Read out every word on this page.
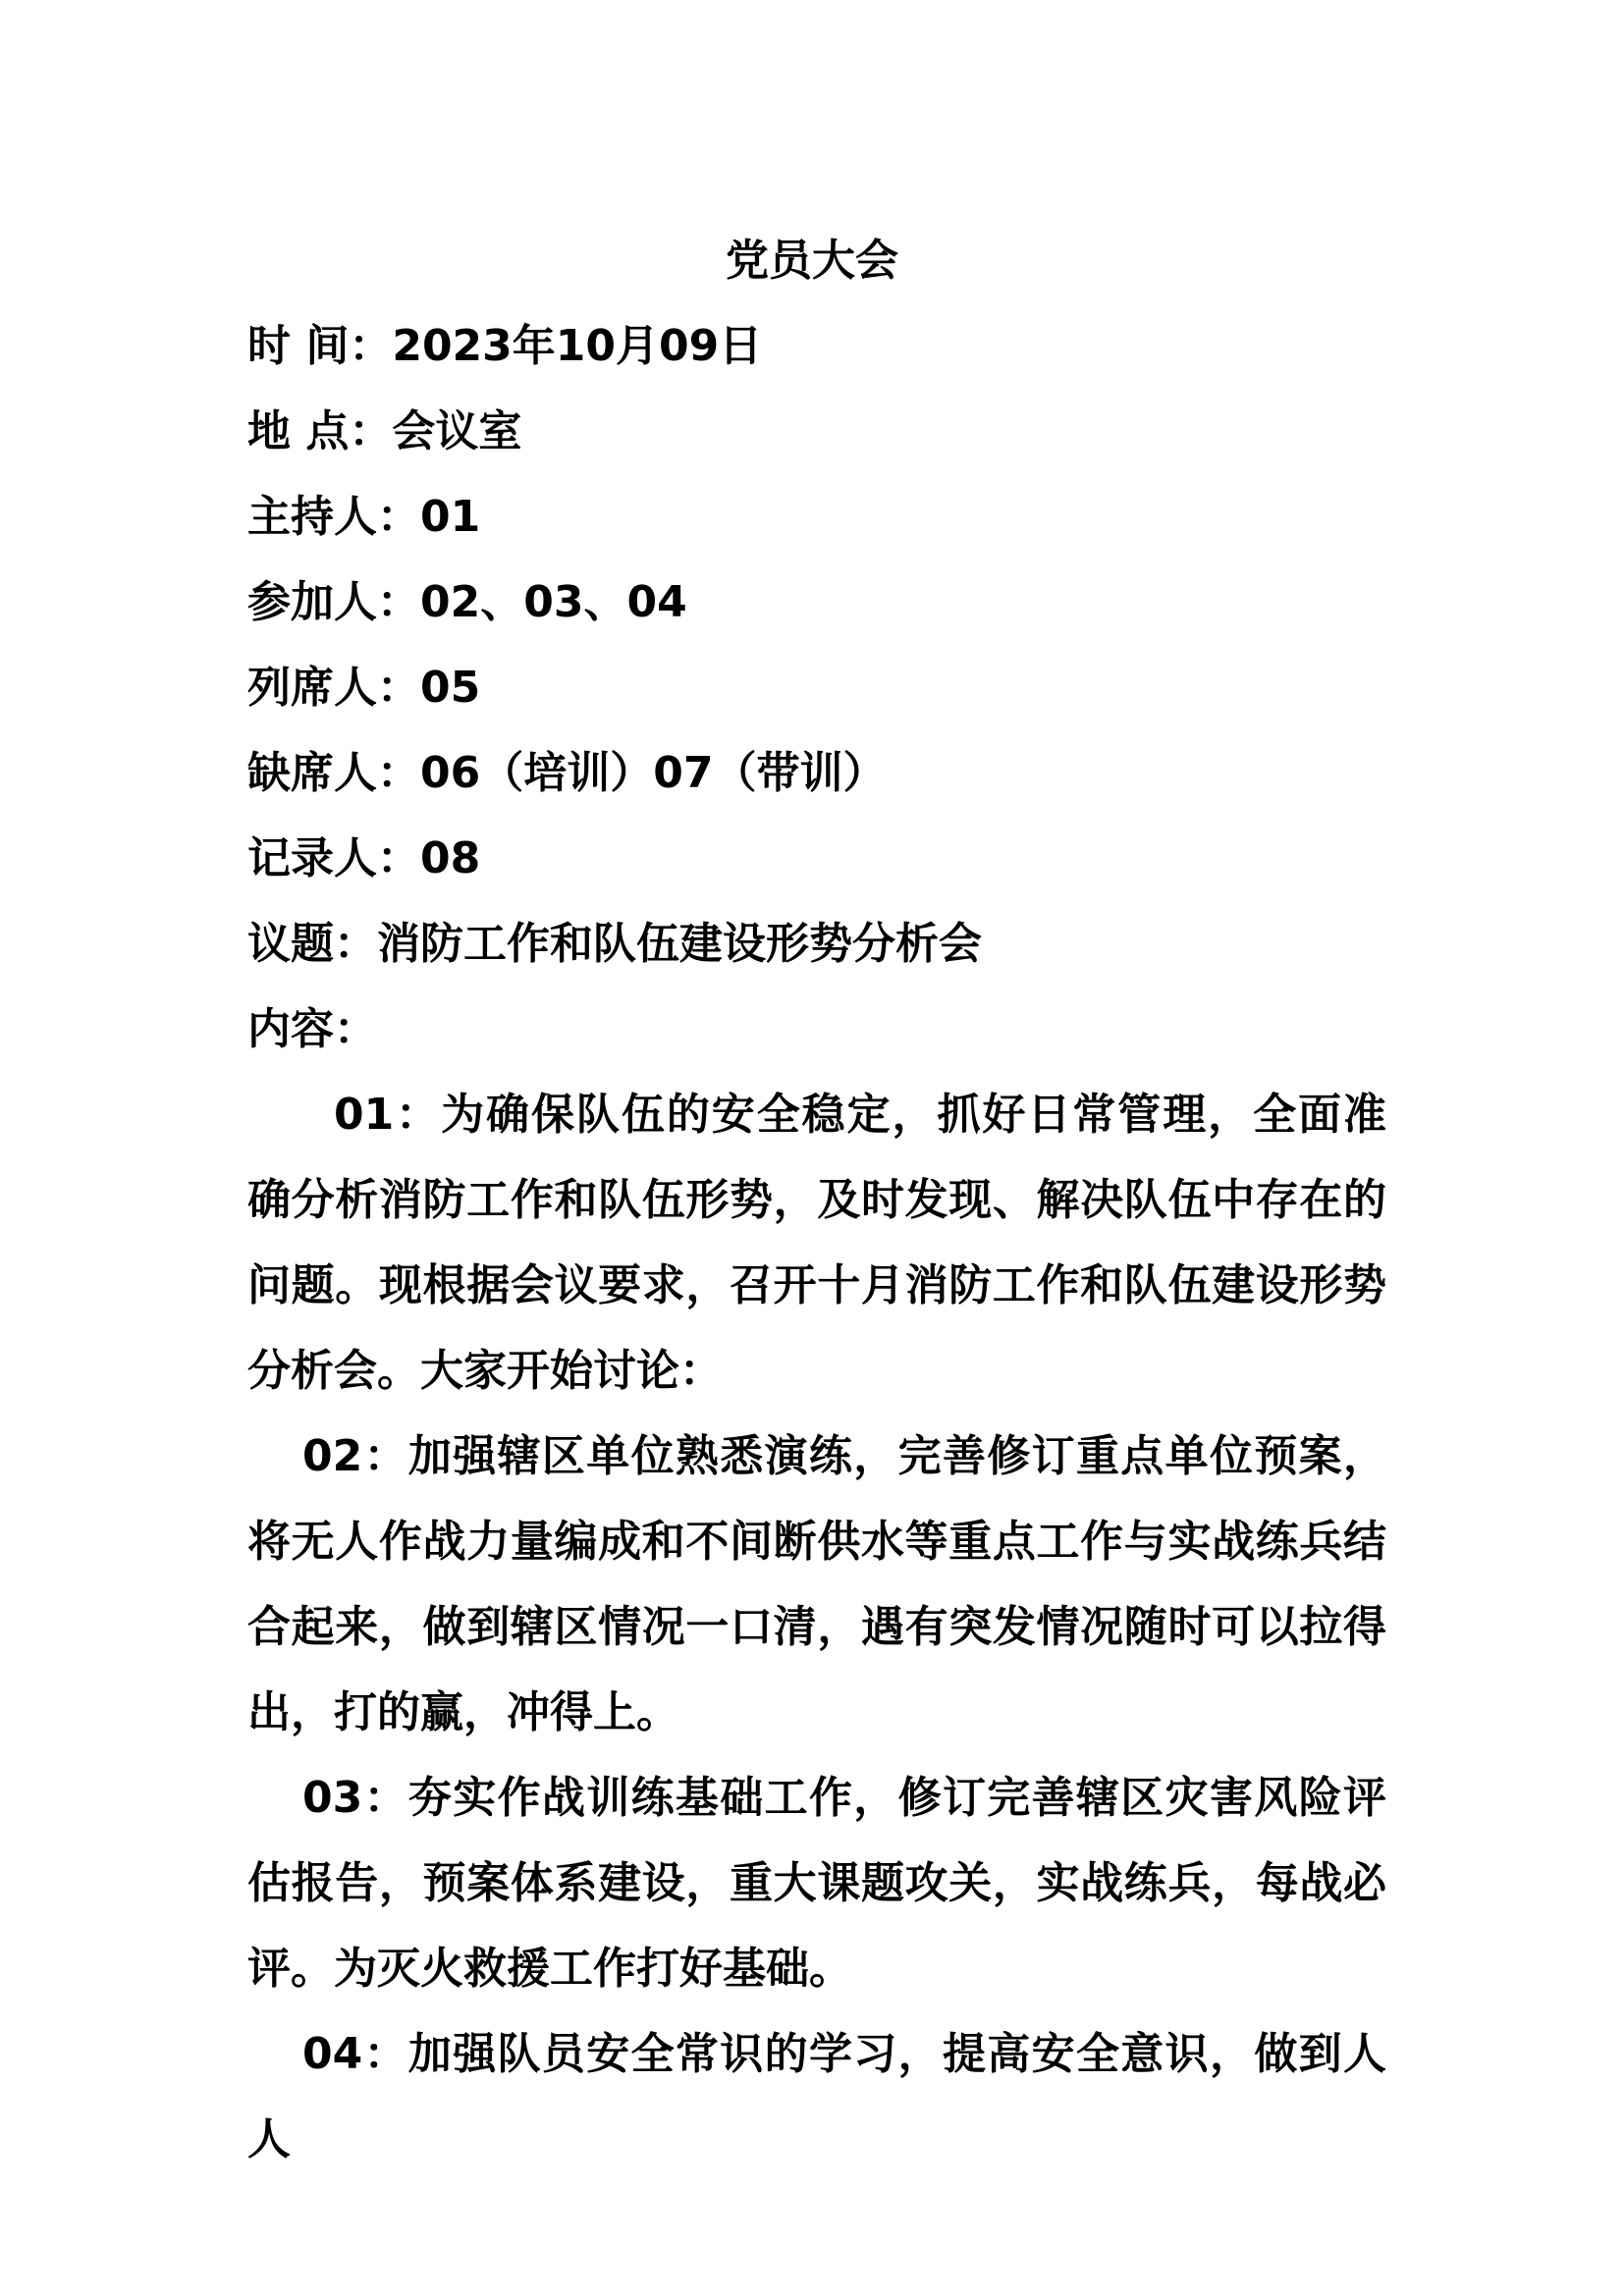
党员大会
时 间：2023年10月09日
地 点：会议室
主持人：01
参加人：02、03、04
列席人：05
缺席人：06（培训）07（带训）
记录人：08
议题：消防工作和队伍建设形势分析会
内容：

01：为确保队伍的安全稳定，抓好日常管理，全面准确分析消防工作和队伍形势，及时发现、解决队伍中存在的问题。现根据会议要求，召开十月消防工作和队伍建设形势分析会。大家开始讨论：

02：加强辖区单位熟悉演练，完善修订重点单位预案，将无人作战力量编成和不间断供水等重点工作与实战练兵结合起来，做到辖区情况一口清，遇有突发情况随时可以拉得出，打的赢，冲得上。

03：夯实作战训练基础工作，修订完善辖区灾害风险评估报告，预案体系建设，重大课题攻关，实战练兵，每战必评。为灭火救援工作打好基础。

04：加强队员安全常识的学习，提高安全意识，做到人人
